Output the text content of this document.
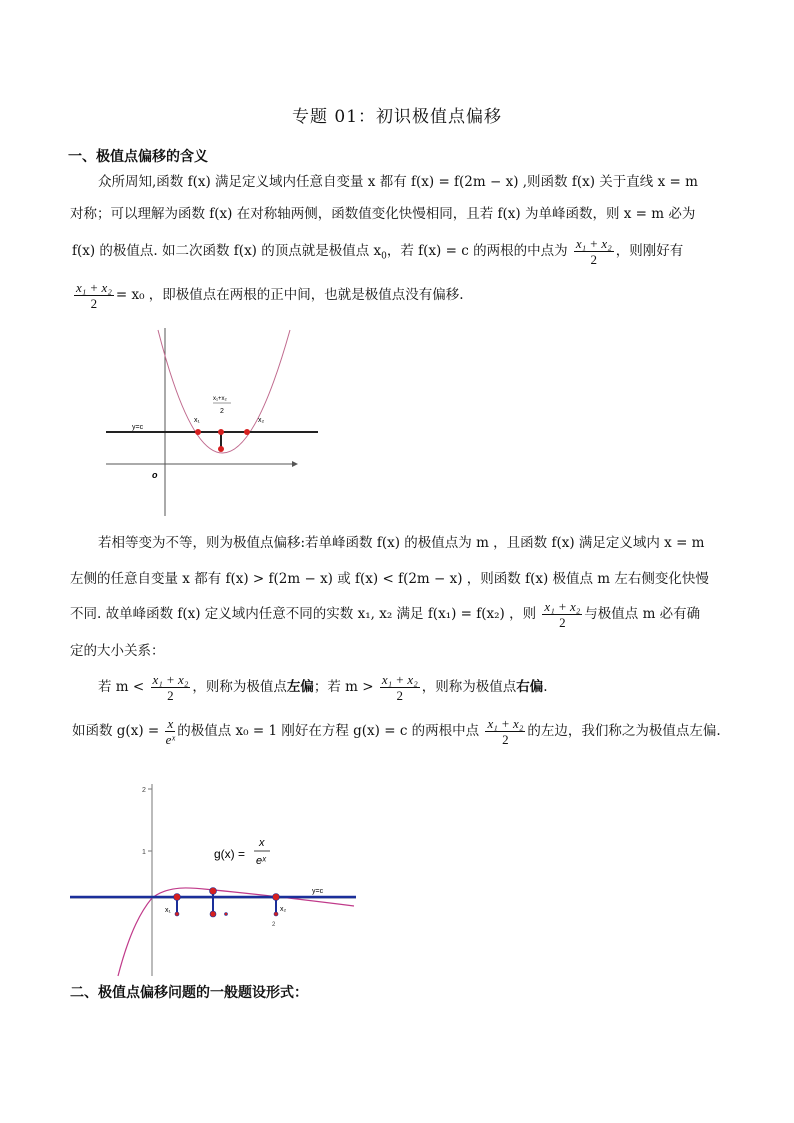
专题 01：初识极值点偏移
一、极值点偏移的含义
众所周知,函数 f(x) 满足定义域内任意自变量 x 都有 f(x) = f(2m − x) ,则函数 f(x) 关于直线 x = m
对称；可以理解为函数 f(x) 在对称轴两侧，函数值变化快慢相同，且若 f(x) 为单峰函数，则 x = m 必为
f(x) 的极值点. 如二次函数 f(x) 的顶点就是极值点 $x_0$，若 f(x) = c 的两根的中点为 $\frac{\text{x₁ + x₂}}{2}$ ，则刚好有
$\frac{\text{x₁ + x₂}}{2} = x_0$ ，即极值点在两根的正中间，也就是极值点没有偏移.
y=c
o
x₁	x₂
x₁+x₂
2
若相等变为不等，则为极值点偏移:若单峰函数 f(x) 的极值点为 m ，且函数 f(x) 满足定义域内 x = m
左侧的任意自变量 x 都有 f(x) > f(2m − x) 或 f(x) < f(2m − x) ，则函数 f(x) 极值点 m 左右侧变化快慢
不同. 故单峰函数 f(x) 定义域内任意不同的实数 x₁, x₂ 满足 f(x₁) = f(x₂) ，则 $\frac{\text{x₁ + x₂}}{2}$ 与极值点 m 必有确
定的大小关系：
若 $m < \frac{\text{x₁ + x₂}}{2}$ ，则称为极值点左偏；若 $m > \frac{\text{x₁ + x₂}}{2}$ ，则称为极值点右偏.
如函数 $g(x) = \frac{x}{\text{eˣ}}$ 的极值点 x₀ = 1 刚好在方程 g(x) = c 的两根中点 $\frac{\text{x₁ + x₂}}{2}$ 的左边，我们称之为极值点左偏.
2
1
y=c
g(x) =
x
eˣ
x₁	x₂
2
二、极值点偏移问题的一般题设形式：
